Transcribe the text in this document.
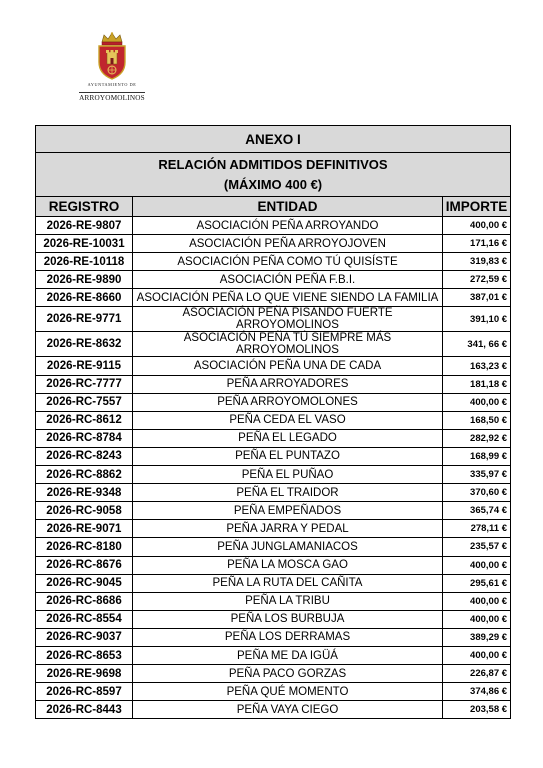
AYUNTAMIENTO DE
ARROYOMOLINOS
ANEXO I		

RELACIÓN ADMITIDOS DEFINITIVOS
(MÁXIMO 400 €)		

REGISTRO	ENTIDAD	IMPORTE
2026-RE-9807	ASOCIACIÓN PEÑA ARROYANDO	400,00 €
2026-RE-10031	ASOCIACIÓN PEÑA ARROYOJOVEN	171,16 €
2026-RE-10118	ASOCIACIÓN PEÑA COMO TÚ QUISÍSTE	319,83 €
2026-RE-9890	ASOCIACIÓN PEÑA F.B.I.	272,59 €
2026-RE-8660	ASOCIACIÓN PEÑA LO QUE VIENE SIENDO LA FAMILIA	387,01 €
2026-RE-9771	ASOCIACIÓN PEÑA PISANDO FUERTE ARROYOMOLINOS	391,10 €
2026-RE-8632	ASOCIACIÓN PEÑA TÚ SIEMPRE MÁS ARROYOMOLINOS	341, 66 €
2026-RE-9115	ASOCIACIÓN PEÑA UNA DE CADA	163,23 €
2026-RC-7777	PEÑA ARROYADORES	181,18 €
2026-RC-7557	PEÑA ARROYOMOLONES	400,00 €
2026-RC-8612	PEÑA CEDA EL VASO	168,50 €
2026-RC-8784	PEÑA EL LEGADO	282,92 €
2026-RC-8243	PEÑA EL PUNTAZO	168,99 €
2026-RC-8862	PEÑA EL PUÑAO	335,97 €
2026-RE-9348	PEÑA EL TRAIDOR	370,60 €
2026-RC-9058	PEÑA EMPEÑADOS	365,74 €
2026-RE-9071	PEÑA JARRA Y PEDAL	278,11 €
2026-RC-8180	PEÑA JUNGLAMANIACOS	235,57 €
2026-RC-8676	PEÑA LA MOSCA GAO	400,00 €
2026-RC-9045	PEÑA LA RUTA DEL CAÑITA	295,61 €
2026-RC-8686	PEÑA LA TRIBU	400,00 €
2026-RC-8554	PEÑA LOS BURBUJA	400,00 €
2026-RC-9037	PEÑA LOS DERRAMAS	389,29 €
2026-RC-8653	PEÑA ME DA IGÜÁ	400,00 €
2026-RE-9698	PEÑA PACO GORZAS	226,87 €
2026-RC-8597	PEÑA QUÉ MOMENTO	374,86 €
2026-RC-8443	PEÑA VAYA CIEGO	203,58 €
